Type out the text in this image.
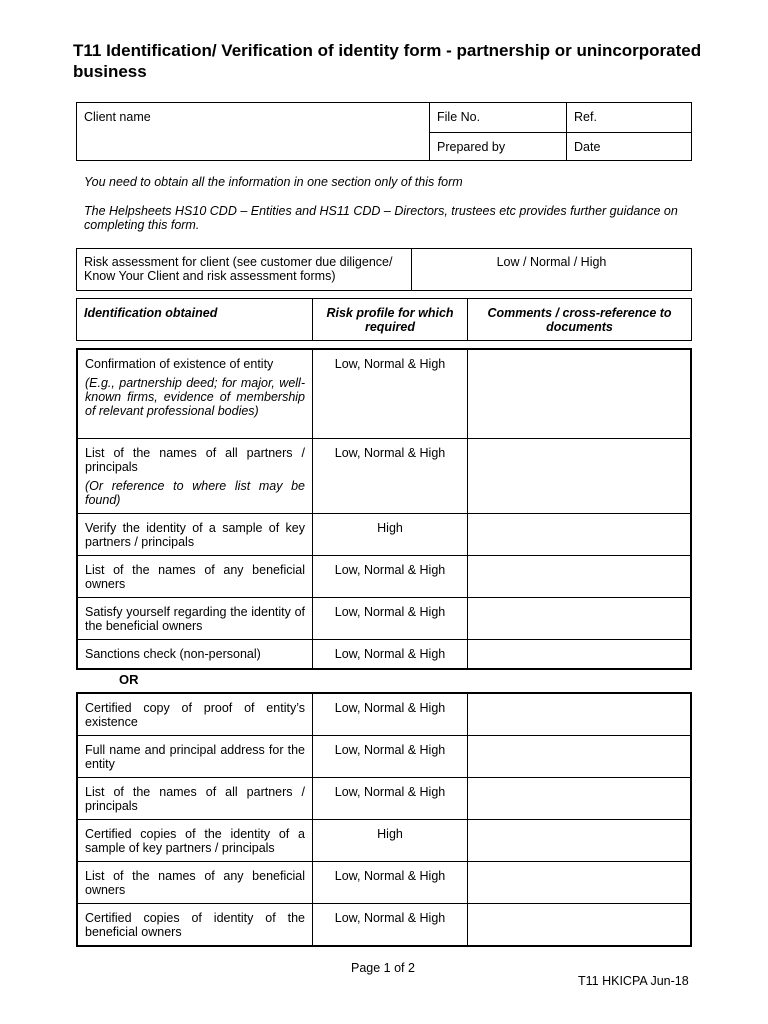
T11 Identification/ Verification of identity form - partnership or unincorporated business
Client name	File No.	Ref.

	Prepared by	Date
You need to obtain all the information in one section only of this form
The Helpsheets HS10 CDD – Entities and HS11 CDD – Directors, trustees etc provides further guidance on completing this form.
Risk assessment for client (see customer due diligence/ Know Your Client and risk assessment forms)

Low / Normal / High
Identification obtained	Risk profile for which required

Comments / cross-reference to documents
Confirmation of existence of entity
(E.g., partnership deed; for major, well-known firms, evidence of membership of relevant professional bodies)	Low, Normal & High	

List of the names of all partners / principals
(Or reference to where list may be found)	Low, Normal & High	

Verify the identity of a sample of key partners / principals	High	

List of the names of any beneficial owners	Low, Normal & High	

Satisfy yourself regarding the identity of the beneficial owners	Low, Normal & High	

Sanctions check (non-personal)	Low, Normal & High	

OR
Certified copy of proof of entity’s existence	Low, Normal & High	

Full name and principal address for the entity	Low, Normal & High	

List of the names of all partners / principals	Low, Normal & High	

Certified copies of the identity of a sample of key partners / principals	High	

List of the names of any beneficial owners	Low, Normal & High	

Certified copies of identity of the beneficial owners	Low, Normal & High	

Page 1 of 2
T11 HKICPA Jun-18
